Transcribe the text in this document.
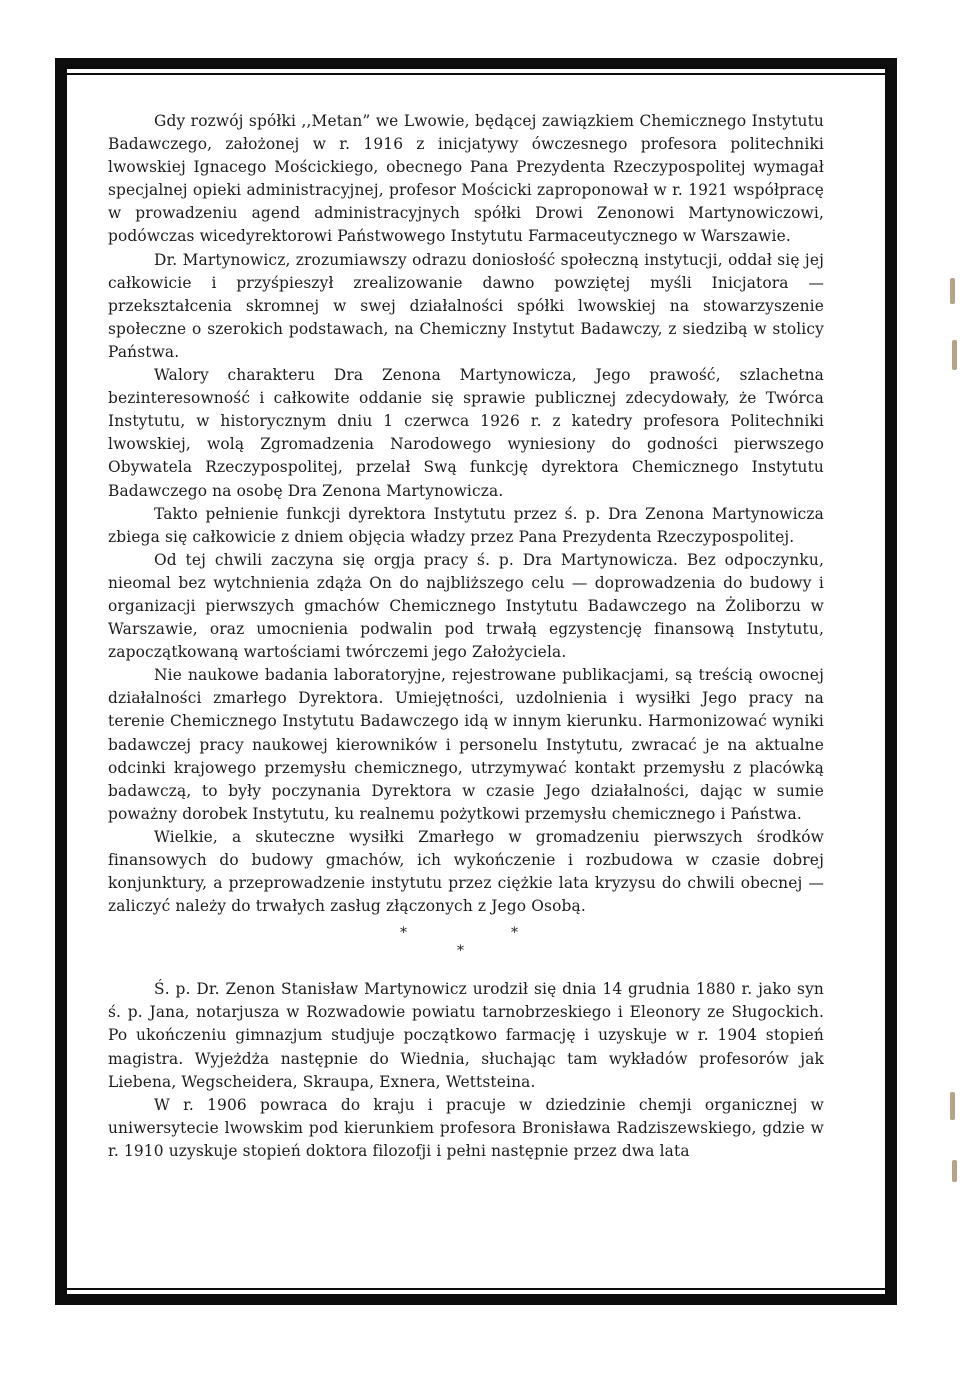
Gdy rozwój spółki ,,Metan” we Lwowie, będącej zawiązkiem Chemicznego Instytutu Badawczego, założonej w r. 1916 z inicjatywy ówczesnego profesora politechniki lwowskiej Ignacego Mościckiego, obecnego Pana Prezydenta Rzeczypospolitej wymagał specjalnej opieki administracyjnej, profesor Mościcki zaproponował w r. 1921 współpracę w prowadzeniu agend administracyjnych spółki Drowi Zenonowi Martynowiczowi, podówczas wicedyrektorowi Państwowego Instytutu Farmaceutycznego w Warszawie.

Dr. Martynowicz, zrozumiawszy odrazu doniosłość społeczną instytucji, oddał się jej całkowicie i przyśpieszył zrealizowanie dawno powziętej myśli Inicjatora — przekształcenia skromnej w swej działalności spółki lwowskiej na stowarzyszenie społeczne o szerokich podstawach, na Chemiczny Instytut Badawczy, z siedzibą w stolicy Państwa.

Walory charakteru Dra Zenona Martynowicza, Jego prawość, szlachetna bezinteresowność i całkowite oddanie się sprawie publicznej zdecydowały, że Twórca Instytutu, w historycznym dniu 1 czerwca 1926 r. z katedry profesora Politechniki lwowskiej, wolą Zgromadzenia Narodowego wyniesiony do godności pierwszego Obywatela Rzeczypospolitej, przelał Swą funkcję dyrektora Chemicznego Instytutu Badawczego na osobę Dra Zenona Martynowicza.

Takto pełnienie funkcji dyrektora Instytutu przez ś. p. Dra Zenona Martynowicza zbiega się całkowicie z dniem objęcia władzy przez Pana Prezydenta Rzeczypospolitej.

Od tej chwili zaczyna się orgja pracy ś. p. Dra Martynowicza. Bez odpoczynku, nieomal bez wytchnienia zdąża On do najbliższego celu — doprowadzenia do budowy i organizacji pierwszych gmachów Chemicznego Instytutu Badawczego na Żoliborzu w Warszawie, oraz umocnienia podwalin pod trwałą egzystencję finansową Instytutu, zapoczątkowaną wartościami twórczemi jego Założyciela.

Nie naukowe badania laboratoryjne, rejestrowane publikacjami, są treścią owocnej działalności zmarłego Dyrektora. Umiejętności, uzdolnienia i wysiłki Jego pracy na terenie Chemicznego Instytutu Badawczego idą w innym kierunku. Harmonizować wyniki badawczej pracy naukowej kierowników i personelu Instytutu, zwracać je na aktualne odcinki krajowego przemysłu chemicznego, utrzymywać kontakt przemysłu z placówką badawczą, to były poczynania Dyrektora w czasie Jego działalności, dając w sumie poważny dorobek Instytutu, ku realnemu pożytkowi przemysłu chemicznego i Państwa.

Wielkie, a skuteczne wysiłki Zmarłego w gromadzeniu pierwszych środków finansowych do budowy gmachów, ich wykończenie i rozbudowa w czasie dobrej konjunktury, a przeprowadzenie instytutu przez ciężkie lata kryzysu do chwili obecnej — zaliczyć należy do trwałych zasług złączonych z Jego Osobą.

*	*
*

Ś. p. Dr. Zenon Stanisław Martynowicz urodził się dnia 14 grudnia 1880 r. jako syn ś. p. Jana, notarjusza w Rozwadowie powiatu tarnobrzeskiego i Eleonory ze Sługockich. Po ukończeniu gimnazjum studjuje początkowo farmację i uzyskuje w r. 1904 stopień magistra. Wyjeżdża następnie do Wiednia, słuchając tam wykładów profesorów jak Liebena, Wegscheidera, Skraupa, Exnera, Wettsteina.

W r. 1906 powraca do kraju i pracuje w dziedzinie chemji organicznej w uniwersytecie lwowskim pod kierunkiem profesora Bronisława Radziszewskiego, gdzie w r. 1910 uzyskuje stopień doktora filozofji i pełni następnie przez dwa lata
